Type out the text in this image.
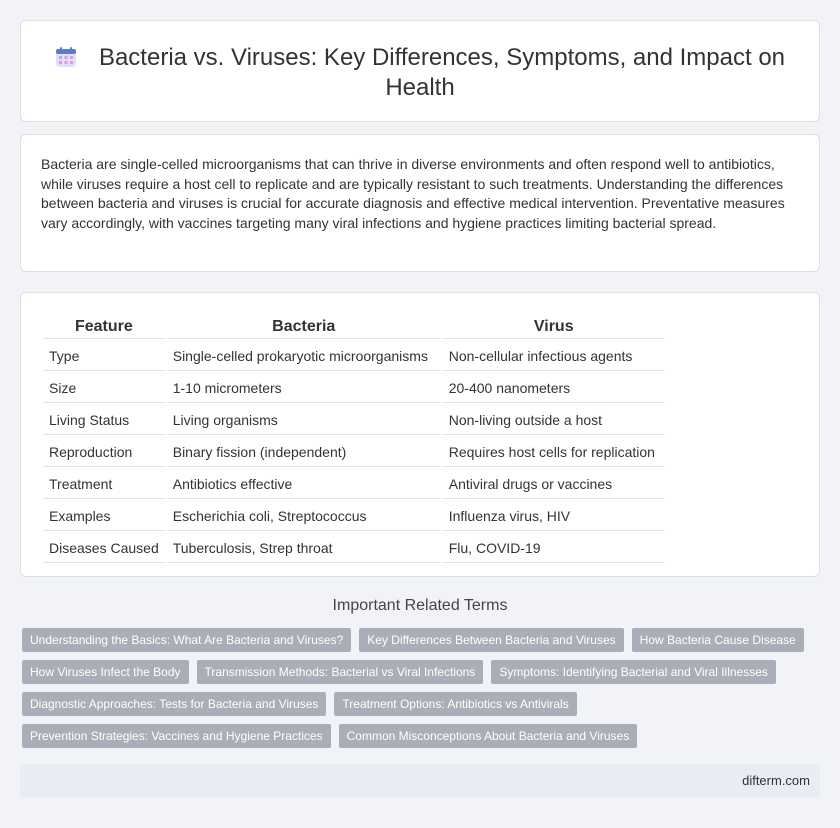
Bacteria vs. Viruses: Key Differences, Symptoms, and Impact on Health

Bacteria are single-celled microorganisms that can thrive in diverse environments and often respond well to antibiotics, while viruses require a host cell to replicate and are typically resistant to such treatments. Understanding the differences between bacteria and viruses is crucial for accurate diagnosis and effective medical intervention. Preventative measures vary accordingly, with vaccines targeting many viral infections and hygiene practices limiting bacterial spread.

Feature	Bacteria	Virus
Type	Single-celled prokaryotic microorganisms	Non-cellular infectious agents
Size	1-10 micrometers	20-400 nanometers
Living Status	Living organisms	Non-living outside a host
Reproduction	Binary fission (independent)	Requires host cells for replication
Treatment	Antibiotics effective	Antiviral drugs or vaccines
Examples	Escherichia coli, Streptococcus	Influenza virus, HIV
Diseases Caused	Tuberculosis, Strep throat	Flu, COVID-19
Important Related Terms
Understanding the Basics: What Are Bacteria and Viruses?	Key Differences Between Bacteria and Viruses	How Bacteria Cause Disease
How Viruses Infect the Body	Transmission Methods: Bacterial vs Viral Infections	Symptoms: Identifying Bacterial and Viral Illnesses
Diagnostic Approaches: Tests for Bacteria and Viruses	Treatment Options: Antibiotics vs Antivirals
Prevention Strategies: Vaccines and Hygiene Practices	Common Misconceptions About Bacteria and Viruses
difterm.com
